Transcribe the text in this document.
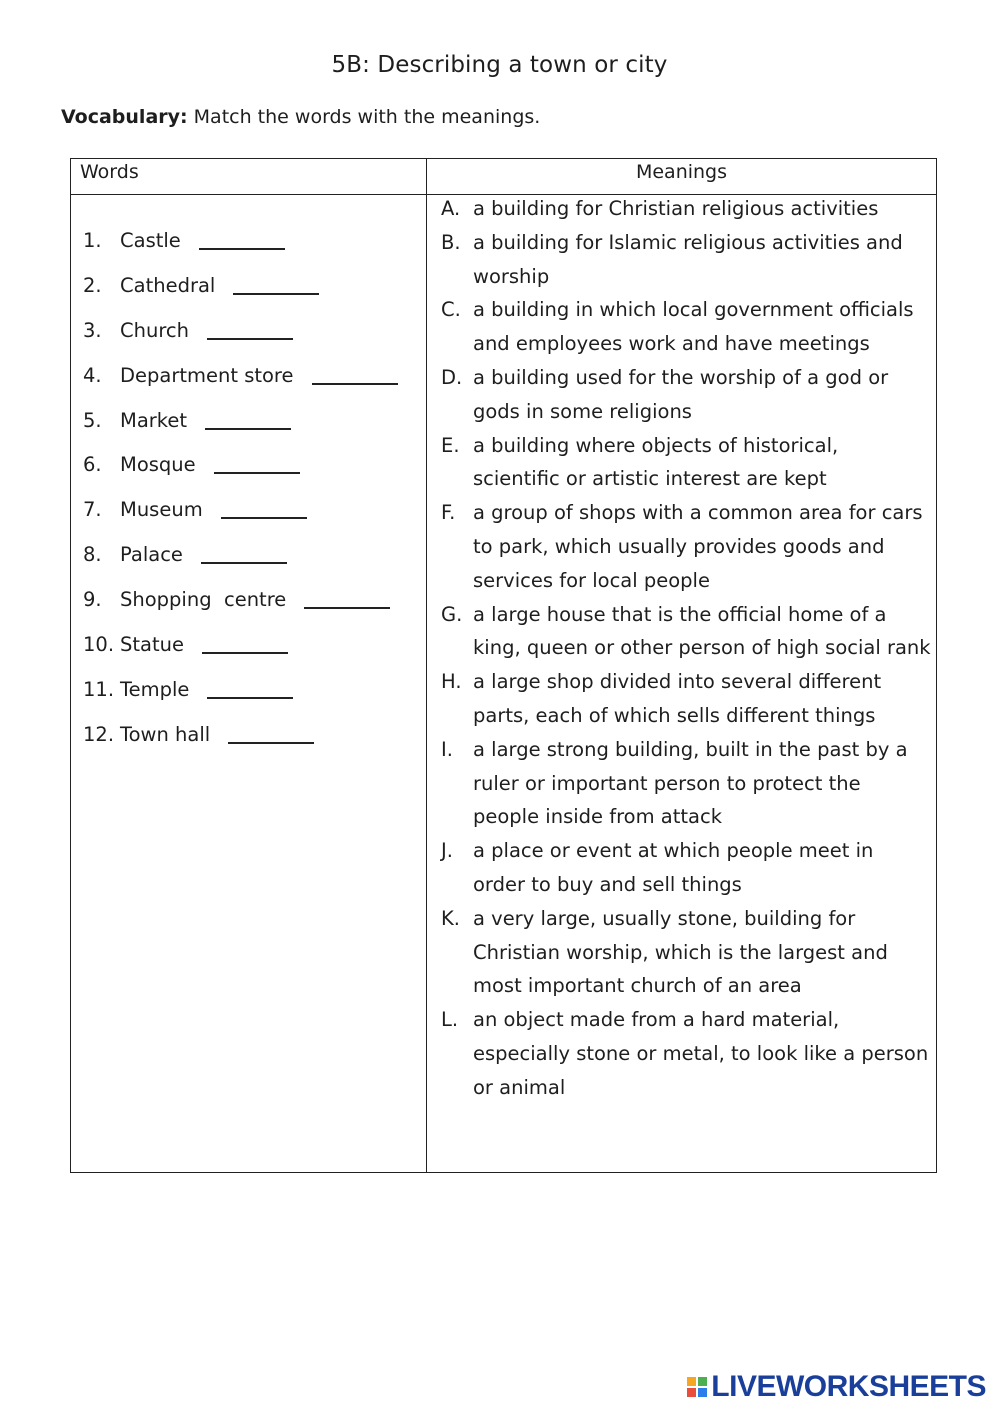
5B: Describing a town or city
Vocabulary: Match the words with the meanings.
Words	Meanings
1. Castle
2. Cathedral
3. Church
4. Department store
5. Market
6. Mosque
7. Museum
8. Palace
9. Shopping  centre
10. Statue
11. Temple
12. Town hall
A. a building for Christian religious activities
B. a building for Islamic religious activities and worship
C. a building in which local government officials and employees work and have meetings
D. a building used for the worship of a god or gods in some religions
E. a building where objects of historical, scientific or artistic interest are kept
F. a group of shops with a common area for cars to park, which usually provides goods and services for local people
G. a large house that is the official home of a king, queen or other person of high social rank
H. a large shop divided into several different parts, each of which sells different things
I. a large strong building, built in the past by a ruler or important person to protect the people inside from attack
J. a place or event at which people meet in order to buy and sell things
K. a very large, usually stone, building for Christian worship, which is the largest and most important church of an area
L. an object made from a hard material, especially stone or metal, to look like a person or animal
LIVEWORKSHEETS
